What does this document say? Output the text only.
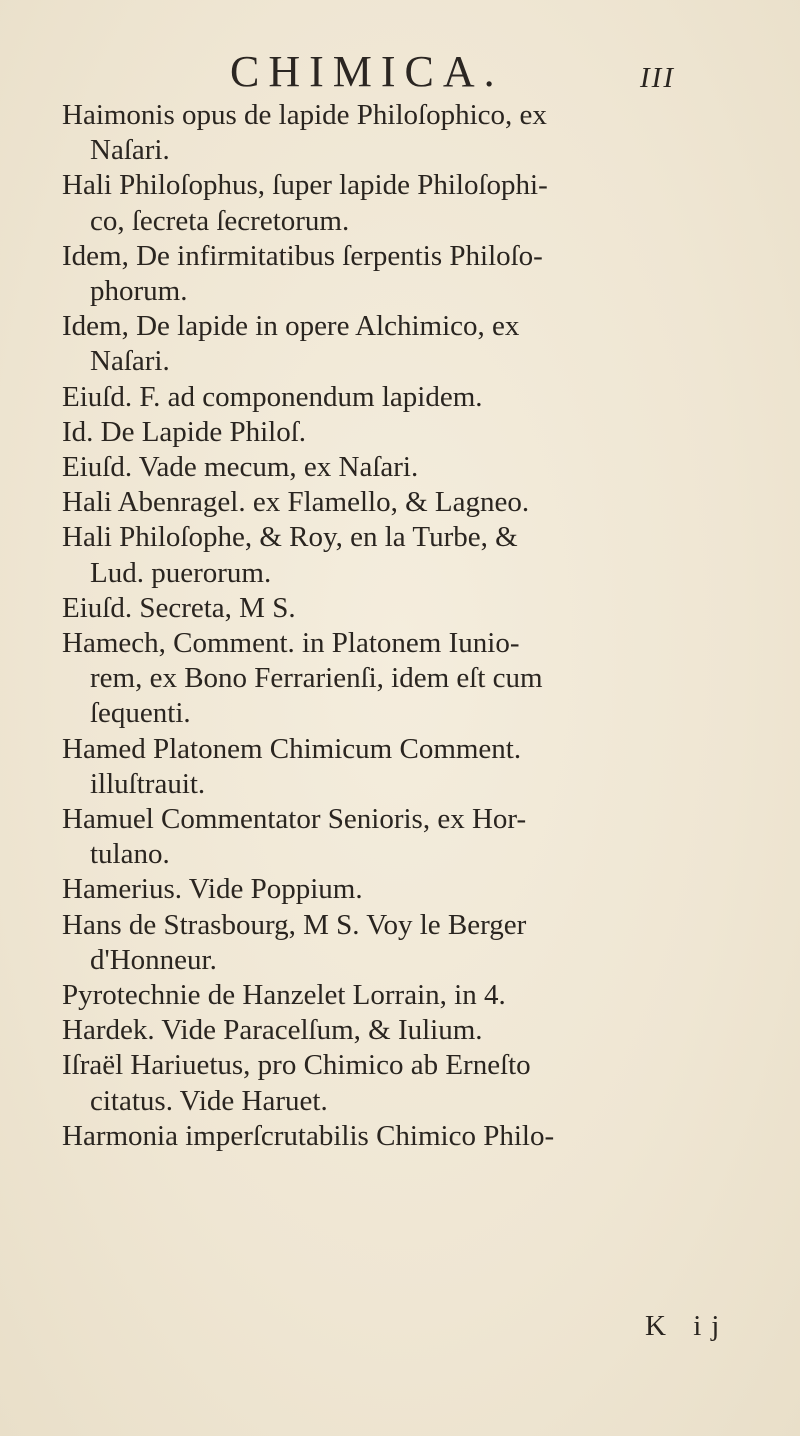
CHIMICA.	III
Haimonis opus de lapide Philoſophico, ex
Naſari.
Hali Philoſophus, ſuper lapide Philoſophi-
co, ſecreta ſecretorum.
Idem, De infirmitatibus ſerpentis Philoſo-
phorum.
Idem, De lapide in opere Alchimico, ex
Naſari.
Eiuſd. F. ad componendum lapidem.
Id. De Lapide Philoſ.
Eiuſd. Vade mecum, ex Naſari.
Hali Abenragel. ex Flamello, & Lagneo.
Hali Philoſophe, & Roy, en la Turbe, &
Lud. puerorum.
Eiuſd. Secreta, M S.
Hamech, Comment. in Platonem Iunio-
rem, ex Bono Ferrarienſi, idem eſt cum
ſequenti.
Hamed Platonem Chimicum Comment.
illuſtrauit.
Hamuel Commentator Senioris, ex Hor-
tulano.
Hamerius. Vide Poppium.
Hans de Strasbourg, M S. Voy le Berger
d'Honneur.
Pyrotechnie de Hanzelet Lorrain, in 4.
Hardek. Vide Paracelſum, & Iulium.
Iſraël Hariuetus, pro Chimico ab Erneſto
citatus. Vide Haruet.
Harmonia imperſcrutabilis Chimico Philo-
K ij
